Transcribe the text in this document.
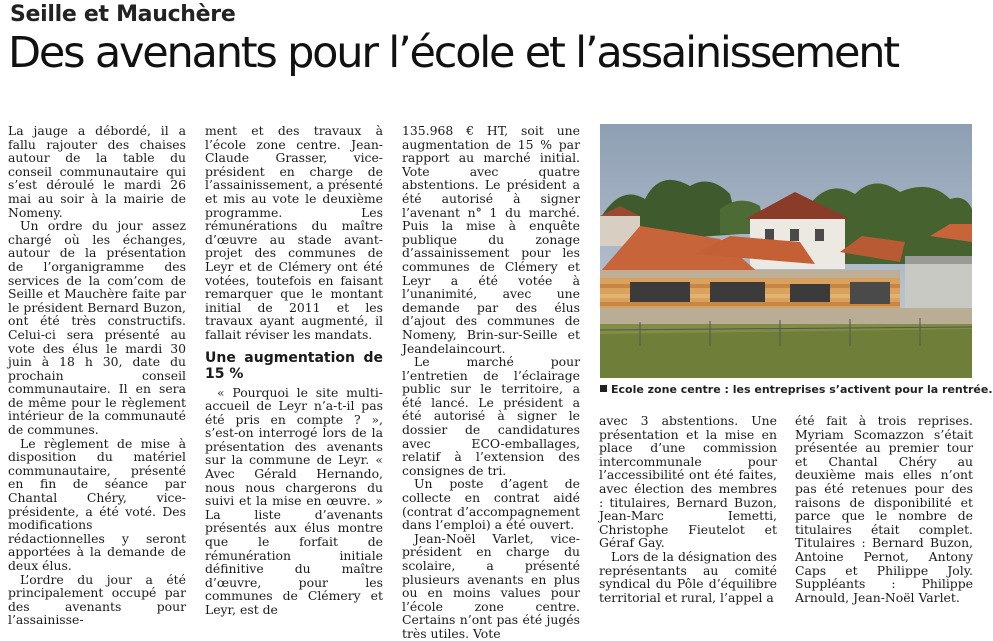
Seille et Mauchère
Des avenants pour l’école et l’assainissement

La jauge a débordé, il a fallu rajouter des chaises autour de la table du conseil communautaire qui s’est déroulé le mardi 26 mai au soir à la mairie de Nomeny.

Un ordre du jour assez chargé où les échanges, autour de la présentation de l’organigramme des services de la com’com de Seille et Mauchère faite par le président Bernard Buzon, ont été très constructifs. Celui-ci sera présenté au vote des élus le mardi 30 juin à 18 h 30, date du prochain conseil communautaire. Il en sera de même pour le règlement intérieur de la communauté de communes.

Le règlement de mise à disposition du matériel communautaire, présenté en fin de séance par Chantal Chéry, vice-présidente, a été voté. Des modifications rédactionnelles y seront apportées à la demande de deux élus.

L’ordre du jour a été principalement occupé par des avenants pour l’assainisse-

ment et des travaux à l’école zone centre. Jean-Claude Grasser, vice-président en charge de l’assainissement, a présenté et mis au vote le deuxième programme. Les rémunérations du maître d’œuvre au stade avant-projet des communes de Leyr et de Clémery ont été votées, toutefois en faisant remarquer que le montant initial de 2011 et les travaux ayant augmenté, il fallait réviser les mandats.

Une augmentation de 15 %

« Pourquoi le site multi-accueil de Leyr n’a-t-il pas été pris en compte ? », s’est-on interrogé lors de la présentation des avenants sur la commune de Leyr. « Avec Gérald Hernando, nous nous chargerons du suivi et la mise en œuvre. » La liste d’avenants présentés aux élus montre que le forfait de rémunération initiale définitive du maître d’œuvre, pour les communes de Clémery et Leyr, est de

135.968 € HT, soit une augmentation de 15 % par rapport au marché initial. Vote avec quatre abstentions. Le président a été autorisé à signer l’avenant n° 1 du marché. Puis la mise à enquête publique du zonage d’assainissement pour les communes de Clémery et Leyr a été votée à l’unanimité, avec une demande par des élus d’ajout des communes de Nomeny, Brin-sur-Seille et Jeandelaincourt.

Le marché pour l’entretien de l’éclairage public sur le territoire, a été lancé. Le président a été autorisé à signer le dossier de candidatures avec ECO-emballages, relatif à l’extension des consignes de tri.

Un poste d’agent de collecte en contrat aidé (contrat d’accompagnement dans l’emploi) a été ouvert.

Jean-Noël Varlet, vice-président en charge du scolaire, a présenté plusieurs avenants en plus ou en moins values pour l’école zone centre. Certains n’ont pas été jugés très utiles. Vote

Ecole zone centre : les entreprises s’activent pour la rentrée.

avec 3 abstentions. Une présentation et la mise en place d’une commission intercommunale pour l’accessibilité ont été faites, avec élection des membres : titulaires, Bernard Buzon, Jean-Marc Iemetti, Christophe Fieutelot et Géraf Gay.

Lors de la désignation des représentants au comité syndical du Pôle d’équilibre territorial et rural, l’appel a

été fait à trois reprises. Myriam Scomazzon s’était présentée au premier tour et Chantal Chéry au deuxième mais elles n’ont pas été retenues pour des raisons de disponibilité et parce que le nombre de titulaires était complet. Titulaires : Bernard Buzon, Antoine Pernot, Antony Caps et Philippe Joly. Suppléants : Philippe Arnould, Jean-Noël Varlet.
